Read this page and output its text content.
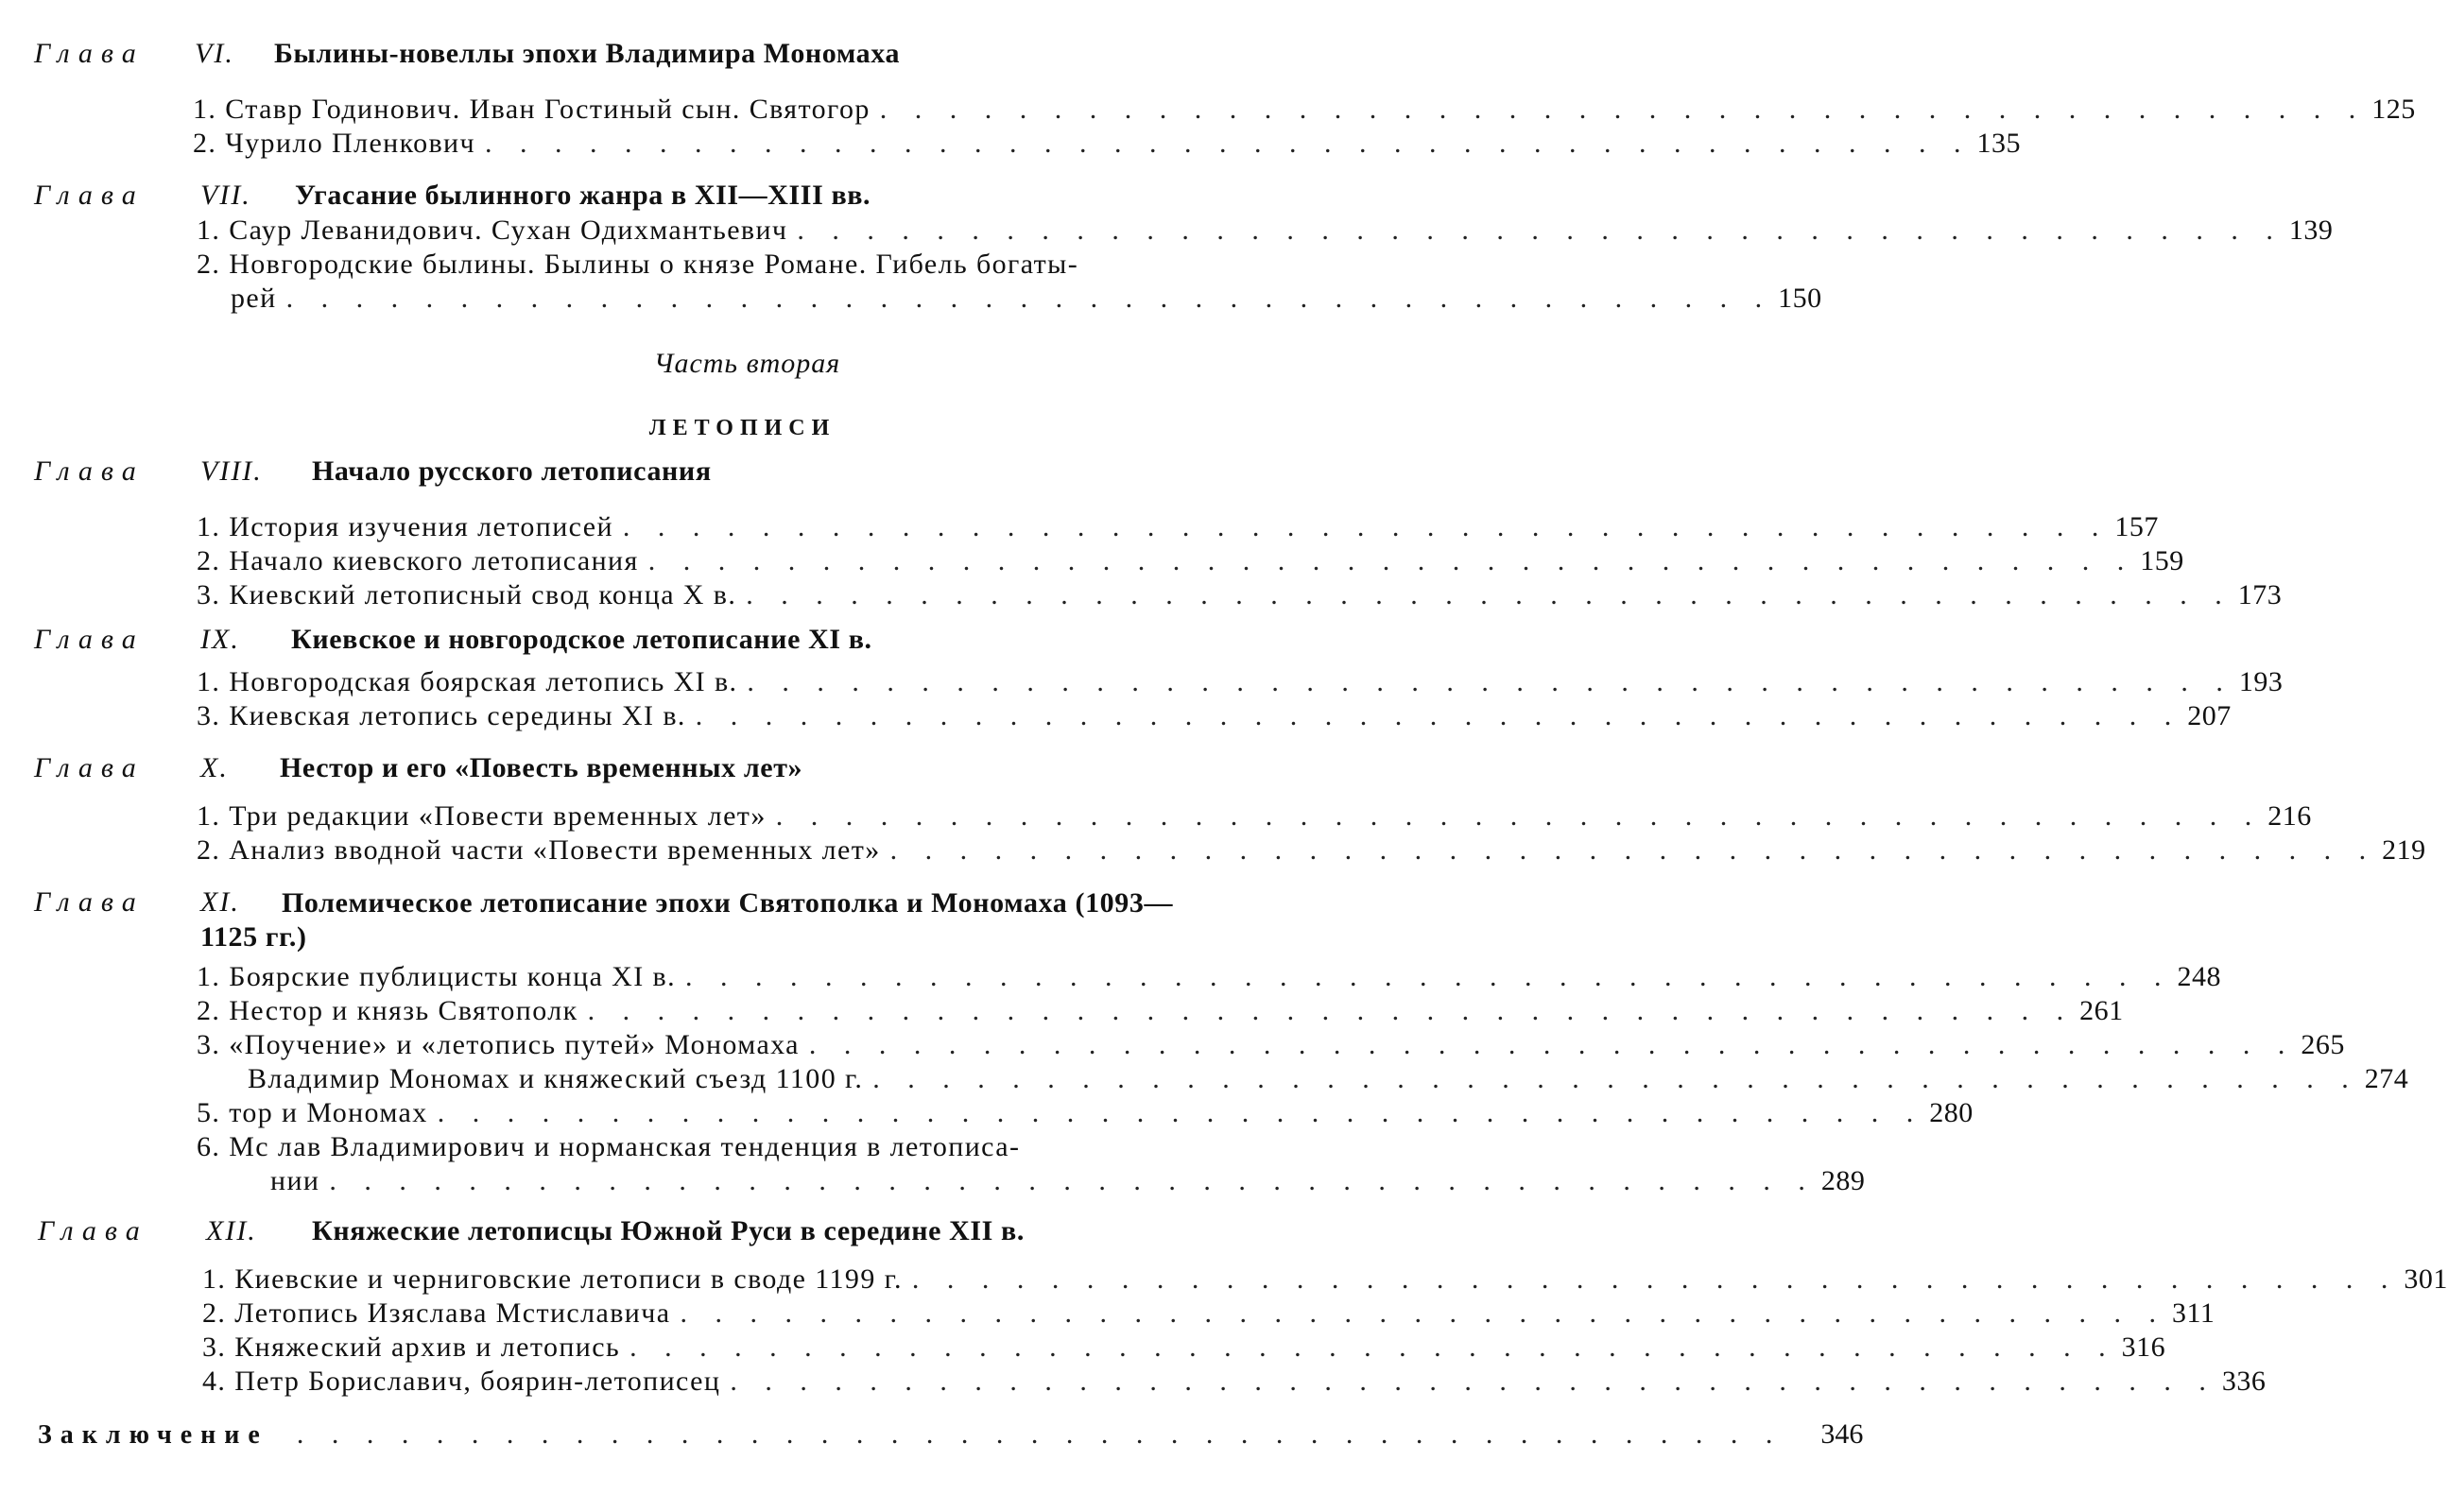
Глава	VI. Былины-новеллы эпохи Владимира Мономаха
1. Ставр Годинович. Иван Гостиный сын. Святогор . . . . . . . . . . . . . . . . . . . . . . . . . . . . . . . . . . . . . . . . . . . 125
2. Чурило Пленкович . . . . . . . . . . . . . . . . . . . . . . . . . . . . . . . . . . . . . . . . . . . 135
Глава	VII. Угасание былинного жанра в XII—XIII вв.
1. Саур Леванидович. Сухан Одихмантьевич . . . . . . . . . . . . . . . . . . . . . . . . . . . . . . . . . . . . . . . . . . . 139
2. Новгородские былины. Былины о князе Романе. Гибель богаты-
рей . . . . . . . . . . . . . . . . . . . . . . . . . . . . . . . . . . . . . . . . . . . 150
Часть вторая
ЛЕТОПИСИ
Глава	VIII. Начало русского летописания
1. История изучения летописей . . . . . . . . . . . . . . . . . . . . . . . . . . . . . . . . . . . . . . . . . . . 157
2. Начало киевского летописания . . . . . . . . . . . . . . . . . . . . . . . . . . . . . . . . . . . . . . . . . . . 159
3. Киевский летописный свод конца X в. . . . . . . . . . . . . . . . . . . . . . . . . . . . . . . . . . . . . . . . . . . . 173
Глава	IX. Киевское и новгородское летописание XI в.
1. Новгородская боярская летопись XI в. . . . . . . . . . . . . . . . . . . . . . . . . . . . . . . . . . . . . . . . . . . . 193
3. Киевская летопись середины XI в. . . . . . . . . . . . . . . . . . . . . . . . . . . . . . . . . . . . . . . . . . . . 207
Глава	X. Нестор и его «Повесть временных лет»
1. Три редакции «Повести временных лет» . . . . . . . . . . . . . . . . . . . . . . . . . . . . . . . . . . . . . . . . . . . 216
2. Анализ вводной части «Повести временных лет» . . . . . . . . . . . . . . . . . . . . . . . . . . . . . . . . . . . . . . . . . . . 219
Глава	XI.	Полемическое летописание эпохи Святополка и Мономаха (1093—1125 гг.)
1. Боярские публицисты конца XI в. . . . . . . . . . . . . . . . . . . . . . . . . . . . . . . . . . . . . . . . . . . . 248
2. Нестор и князь Святополк . . . . . . . . . . . . . . . . . . . . . . . . . . . . . . . . . . . . . . . . . . . 261
3. «Поучение» и «летопись путей» Мономаха . . . . . . . . . . . . . . . . . . . . . . . . . . . . . . . . . . . . . . . . . . . 265
Владимир Мономах и княжеский съезд 1100 г. . . . . . . . . . . . . . . . . . . . . . . . . . . . . . . . . . . . . . . . . . . . 274
5. тор и Мономах . . . . . . . . . . . . . . . . . . . . . . . . . . . . . . . . . . . . . . . . . . . 280
6. Мс лав Владимирович и норманская тенденция в летописа-
нии . . . . . . . . . . . . . . . . . . . . . . . . . . . . . . . . . . . . . . . . . . . 289
Глава	XII. Княжеские летописцы Южной Руси в середине XII в.
1. Киевские и черниговские летописи в своде 1199 г. . . . . . . . . . . . . . . . . . . . . . . . . . . . . . . . . . . . . . . . . . . . 301
2. Летопись Изяслава Мстиславича . . . . . . . . . . . . . . . . . . . . . . . . . . . . . . . . . . . . . . . . . . . 311
3. Княжеский архив и летопись . . . . . . . . . . . . . . . . . . . . . . . . . . . . . . . . . . . . . . . . . . . 316
4. Петр Бориславич, боярин-летописец . . . . . . . . . . . . . . . . . . . . . . . . . . . . . . . . . . . . . . . . . . . 336
Заключение . . . . . . . . . . . . . . . . . . . . . . . . . . . . . . . . . . . . . . . . . . . 346
